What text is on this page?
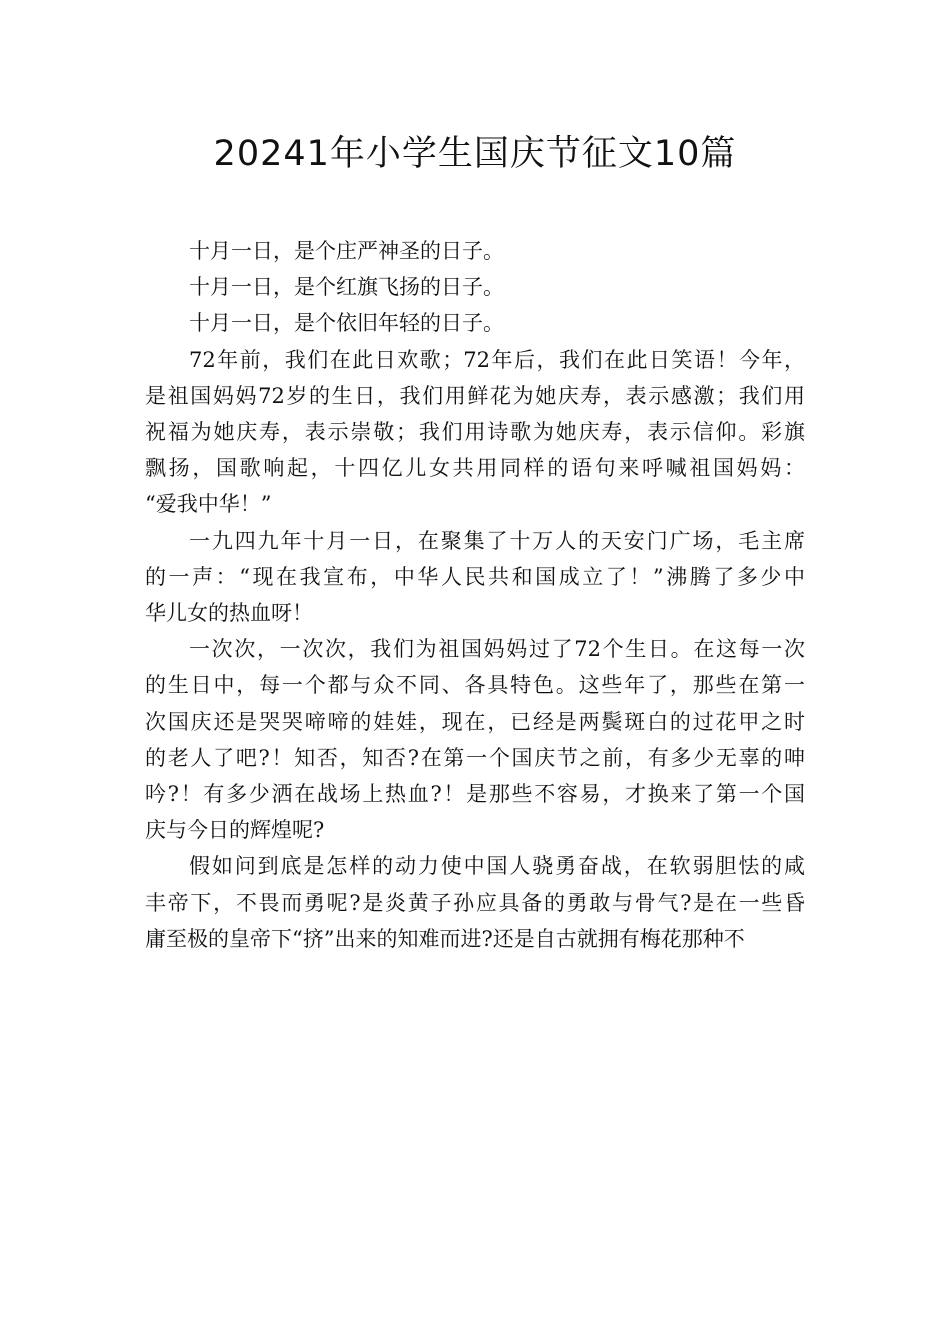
20241年小学生国庆节征文10篇
十月一日，是个庄严神圣的日子。
十月一日，是个红旗飞扬的日子。
十月一日，是个依旧年轻的日子。
72年前，我们在此日欢歌；72年后，我们在此日笑语！今年，
是祖国妈妈72岁的生日，我们用鲜花为她庆寿，表示感激；我们用
祝福为她庆寿，表示崇敬；我们用诗歌为她庆寿，表示信仰。彩旗
飘扬，国歌响起，十四亿儿女共用同样的语句来呼喊祖国妈妈：
“爱我中华！”
一九四九年十月一日，在聚集了十万人的天安门广场，毛主席
的一声：“现在我宣布，中华人民共和国成立了！”沸腾了多少中
华儿女的热血呀！
一次次，一次次，我们为祖国妈妈过了72个生日。在这每一次
的生日中，每一个都与众不同、各具特色。这些年了，那些在第一
次国庆还是哭哭啼啼的娃娃，现在，已经是两鬓斑白的过花甲之时
的老人了吧?！知否，知否?在第一个国庆节之前，有多少无辜的呻
吟?！有多少洒在战场上热血?！是那些不容易，才换来了第一个国
庆与今日的辉煌呢?
假如问到底是怎样的动力使中国人骁勇奋战，在软弱胆怯的咸
丰帝下，不畏而勇呢?是炎黄子孙应具备的勇敢与骨气?是在一些昏
庸至极的皇帝下“挤”出来的知难而进?还是自古就拥有梅花那种不
